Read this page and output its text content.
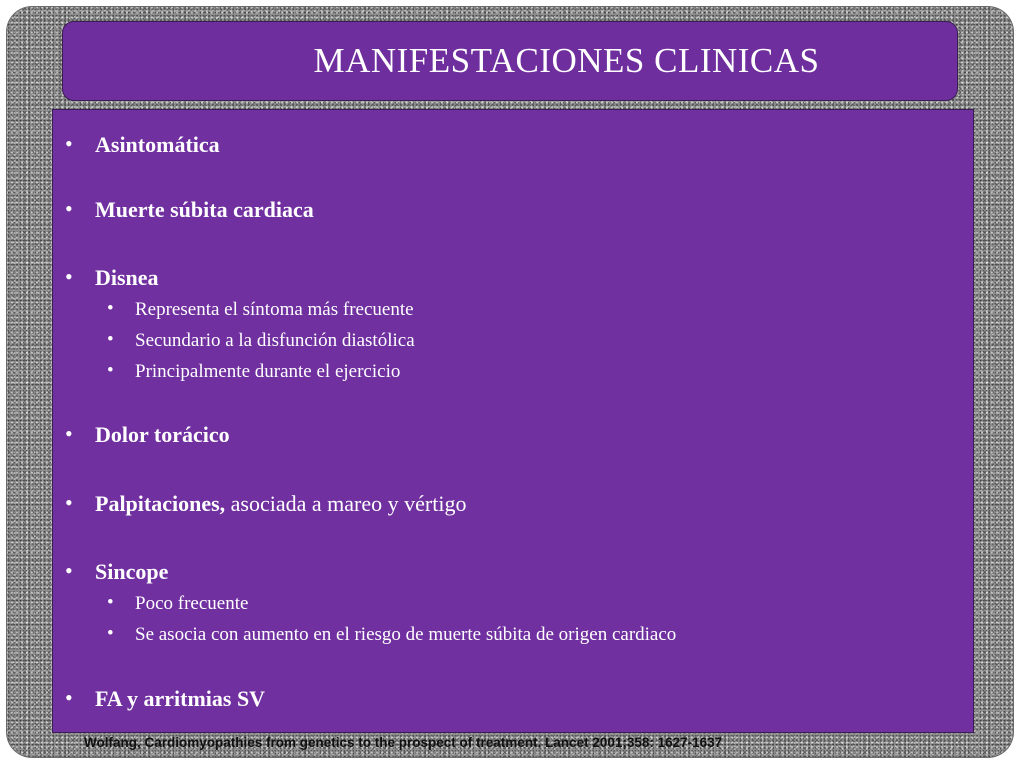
MANIFESTACIONES CLINICAS
• Asintomática
• Muerte súbita cardiaca
• Disnea
• Representa el síntoma más frecuente
• Secundario a la disfunción diastólica
• Principalmente durante el ejercicio
• Dolor torácico
• Palpitaciones, asociada a mareo y vértigo
• Sincope
• Poco frecuente
• Se asocia con aumento en el riesgo de muerte súbita de origen cardiaco
• FA y arritmias SV
Wolfang, Cardiomyopathies from genetics to the prospect of treatment. Lancet 2001;358: 1627-1637
